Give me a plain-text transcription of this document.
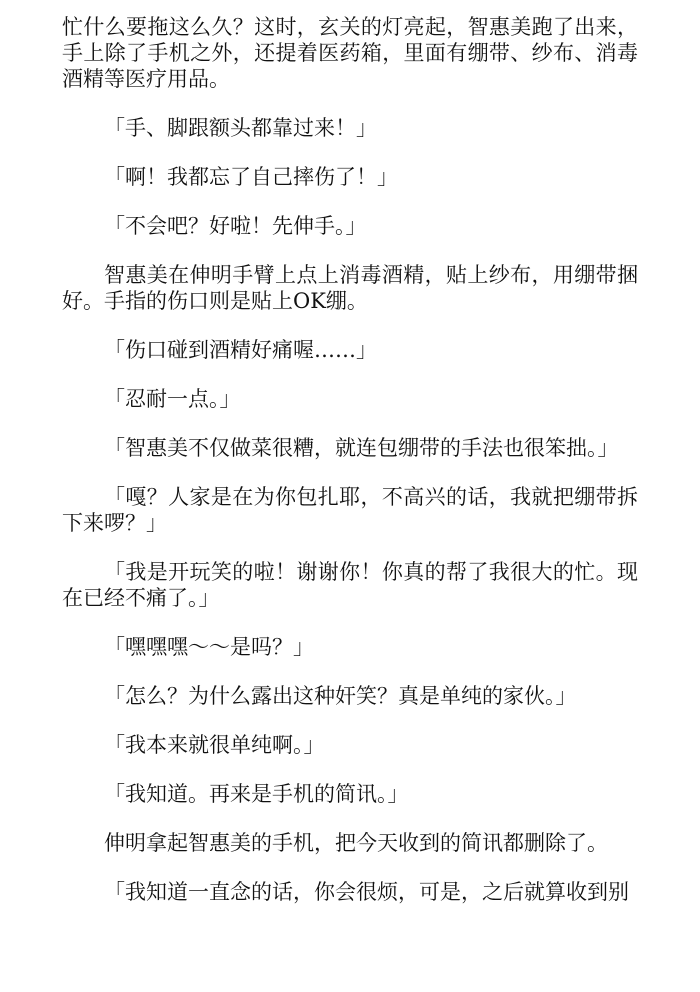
忙什么要拖这么久？这时，玄关的灯亮起，智惠美跑了出来，手上除了手机之外，还提着医药箱，里面有绷带、纱布、消毒酒精等医疗用品。

「手、脚跟额头都靠过来！」

「啊！我都忘了自己摔伤了！」

「不会吧？好啦！先伸手。」

智惠美在伸明手臂上点上消毒酒精，贴上纱布，用绷带捆好。手指的伤口则是贴上OK绷。

「伤口碰到酒精好痛喔……」

「忍耐一点。」

「智惠美不仅做菜很糟，就连包绷带的手法也很笨拙。」

「嘎？人家是在为你包扎耶，不高兴的话，我就把绷带拆下来啰？」

「我是开玩笑的啦！谢谢你！你真的帮了我很大的忙。现在已经不痛了。」

「嘿嘿嘿～～是吗？」

「怎么？为什么露出这种奸笑？真是单纯的家伙。」

「我本来就很单纯啊。」

「我知道。再来是手机的简讯。」

伸明拿起智惠美的手机，把今天收到的简讯都删除了。

「我知道一直念的话，你会很烦，可是，之后就算收到别
